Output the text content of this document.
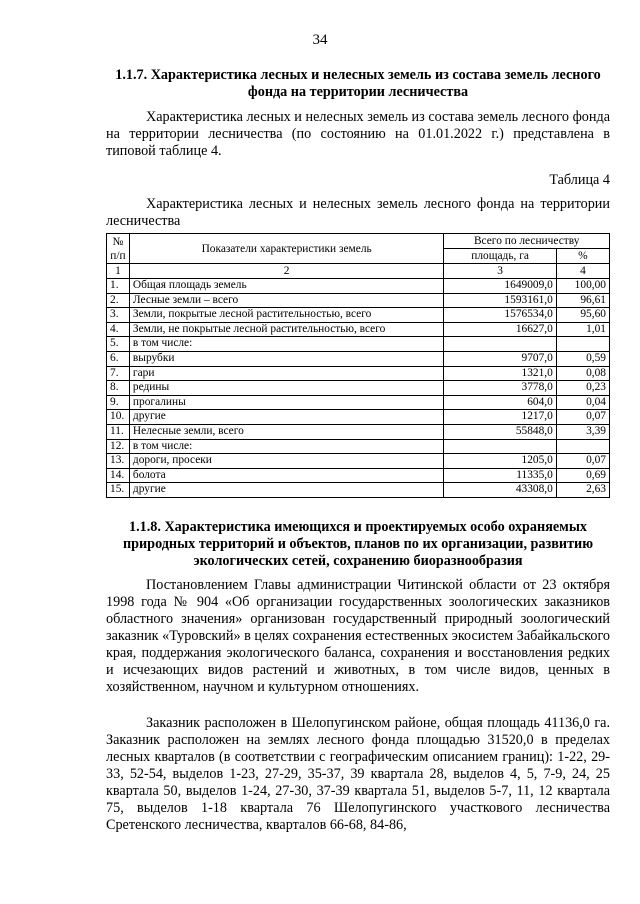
34

1.1.7. Характеристика лесных и нелесных земель из состава земель лесного фонда на территории лесничества

Характеристика лесных и нелесных земель из состава земель лесного фонда на территории лесничества (по состоянию на 01.01.2022 г.) представлена в типовой таблице 4.

Таблица 4

Характеристика лесных и нелесных земель лесного фонда на территории лесничества

№ п/п	Показатели характеристики земель	Всего по лесничеству	
		площадь, га	%
1	2	3	4
1.	Общая площадь земель	1649009,0	100,00
2.	Лесные земли – всего	1593161,0	96,61
3.	Земли, покрытые лесной растительностью, всего	1576534,0	95,60
4.	Земли, не покрытые лесной растительностью, всего	16627,0	1,01
5.	в том числе:		
6.	вырубки	9707,0	0,59
7.	гари	1321,0	0,08
8.	редины	3778,0	0,23
9.	прогалины	604,0	0,04
10.	другие	1217,0	0,07
11.	Нелесные земли, всего	55848,0	3,39
12.	в том числе:		
13.	дороги, просеки	1205,0	0,07
14.	болота	11335,0	0,69
15.	другие	43308,0	2,63

1.1.8. Характеристика имеющихся и проектируемых особо охраняемых природных территорий и объектов, планов по их организации, развитию экологических сетей, сохранению биоразнообразия

Постановлением Главы администрации Читинской области от 23 октября 1998 года № 904 «Об организации государственных зоологических заказников областного значения» организован государственный природный зоологический заказник «Туровский» в целях сохранения естественных экосистем Забайкальского края, поддержания экологического баланса, сохранения и восстановления редких и исчезающих видов растений и животных, в том числе видов, ценных в хозяйственном, научном и культурном отношениях.

Заказник расположен в Шелопугинском районе, общая площадь 41136,0 га. Заказник расположен на землях лесного фонда площадью 31520,0 в пределах лесных кварталов (в соответствии с географическим описанием границ): 1-22, 29-33, 52-54, выделов 1-23, 27-29, 35-37, 39 квартала 28, выделов 4, 5, 7-9, 24, 25 квартала 50, выделов 1-24, 27-30, 37-39 квартала 51, выделов 5-7, 11, 12 квартала 75, выделов 1-18 квартала 76 Шелопугинского участкового лесничества Сретенского лесничества, кварталов 66-68, 84-86,
